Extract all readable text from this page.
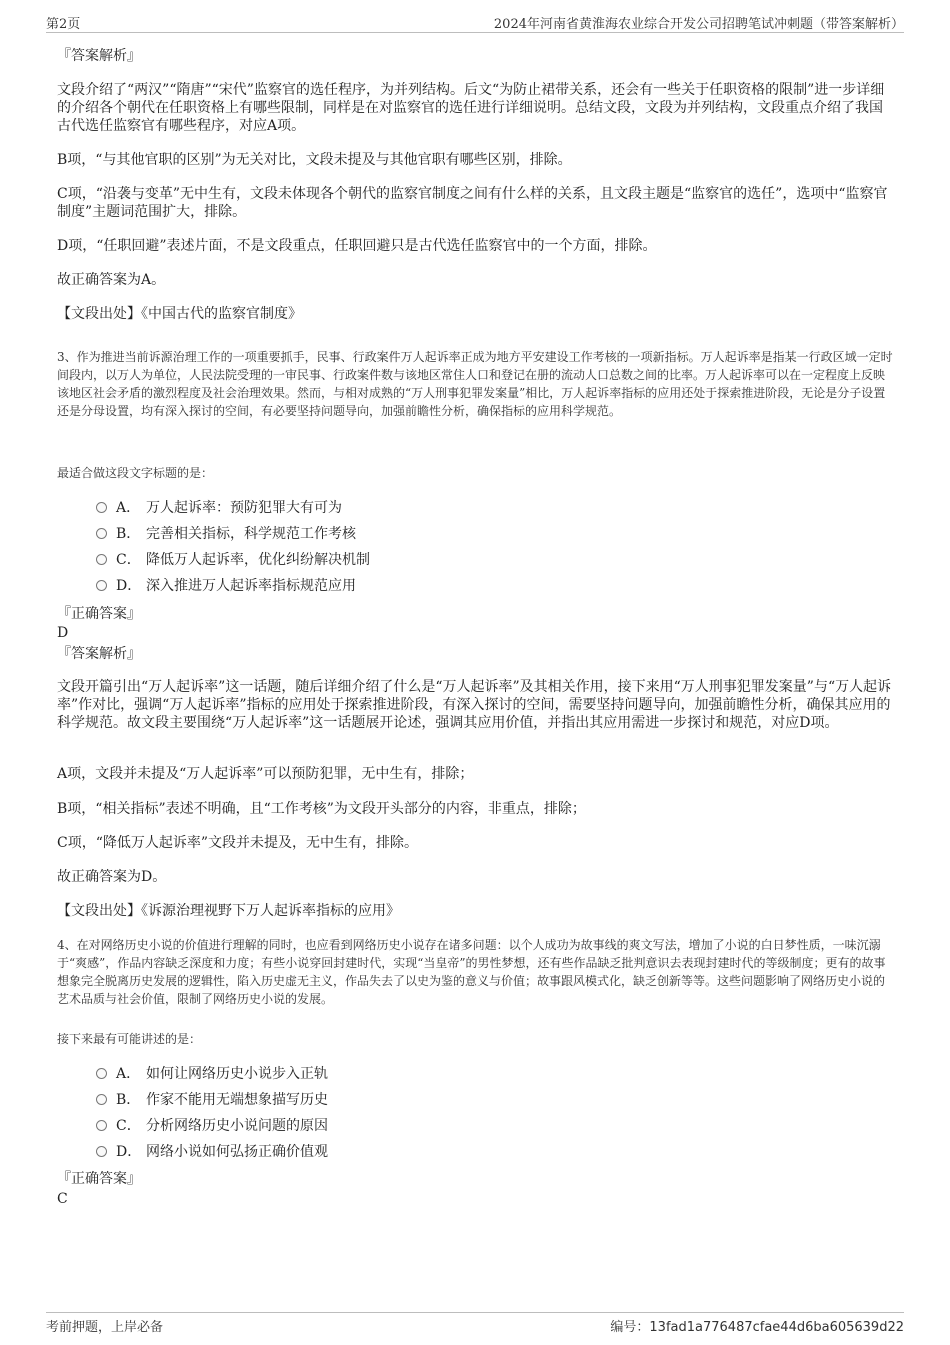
第2页	2024年河南省黄淮海农业综合开发公司招聘笔试冲刺题（带答案解析）
『答案解析』
文段介绍了“两汉”“隋唐”“宋代”监察官的选任程序，为并列结构。后文“为防止裙带关系，还会有一些关于任职资格的限制”进一步详细的介绍各个朝代在任职资格上有哪些限制，同样是在对监察官的选任进行详细说明。总结文段，文段为并列结构，文段重点介绍了我国古代选任监察官有哪些程序，对应A项。
B项，“与其他官职的区别”为无关对比，文段未提及与其他官职有哪些区别，排除。
C项，“沿袭与变革”无中生有，文段未体现各个朝代的监察官制度之间有什么样的关系，且文段主题是“监察官的选任”，选项中“监察官制度”主题词范围扩大，排除。
D项，“任职回避”表述片面，不是文段重点，任职回避只是古代选任监察官中的一个方面，排除。
故正确答案为A。
【文段出处】《中国古代的监察官制度》
3、作为推进当前诉源治理工作的一项重要抓手，民事、行政案件万人起诉率正成为地方平安建设工作考核的一项新指标。万人起诉率是指某一行政区域一定时间段内，以万人为单位，人民法院受理的一审民事、行政案件数与该地区常住人口和登记在册的流动人口总数之间的比率。万人起诉率可以在一定程度上反映该地区社会矛盾的激烈程度及社会治理效果。然而，与相对成熟的“万人刑事犯罪发案量”相比，万人起诉率指标的应用还处于探索推进阶段，无论是分子设置还是分母设置，均有深入探讨的空间，有必要坚持问题导向，加强前瞻性分析，确保指标的应用科学规范。
最适合做这段文字标题的是：
A． 万人起诉率：预防犯罪大有可为
B． 完善相关指标，科学规范工作考核
C． 降低万人起诉率，优化纠纷解决机制
D． 深入推进万人起诉率指标规范应用
『正确答案』
D
『答案解析』
文段开篇引出“万人起诉率”这一话题，随后详细介绍了什么是“万人起诉率”及其相关作用，接下来用“万人刑事犯罪发案量”与“万人起诉率”作对比，强调“万人起诉率”指标的应用处于探索推进阶段，有深入探讨的空间，需要坚持问题导向，加强前瞻性分析，确保其应用的科学规范。故文段主要围绕“万人起诉率”这一话题展开论述，强调其应用价值，并指出其应用需进一步探讨和规范，对应D项。
A项，文段并未提及“万人起诉率”可以预防犯罪，无中生有，排除；
B项，“相关指标”表述不明确，且“工作考核”为文段开头部分的内容，非重点，排除；
C项，“降低万人起诉率”文段并未提及，无中生有，排除。
故正确答案为D。
【文段出处】《诉源治理视野下万人起诉率指标的应用》
4、在对网络历史小说的价值进行理解的同时，也应看到网络历史小说存在诸多问题：以个人成功为故事线的爽文写法，增加了小说的白日梦性质，一味沉溺于“爽感”，作品内容缺乏深度和力度；有些小说穿回封建时代，实现“当皇帝”的男性梦想，还有些作品缺乏批判意识去表现封建时代的等级制度；更有的故事想象完全脱离历史发展的逻辑性，陷入历史虚无主义，作品失去了以史为鉴的意义与价值；故事跟风模式化，缺乏创新等等。这些问题影响了网络历史小说的艺术品质与社会价值，限制了网络历史小说的发展。
接下来最有可能讲述的是：
A． 如何让网络历史小说步入正轨
B． 作家不能用无端想象描写历史
C． 分析网络历史小说问题的原因
D． 网络小说如何弘扬正确价值观
『正确答案』
C
考前押题，上岸必备	编号：13fad1a776487cfae44d6ba605639d22
